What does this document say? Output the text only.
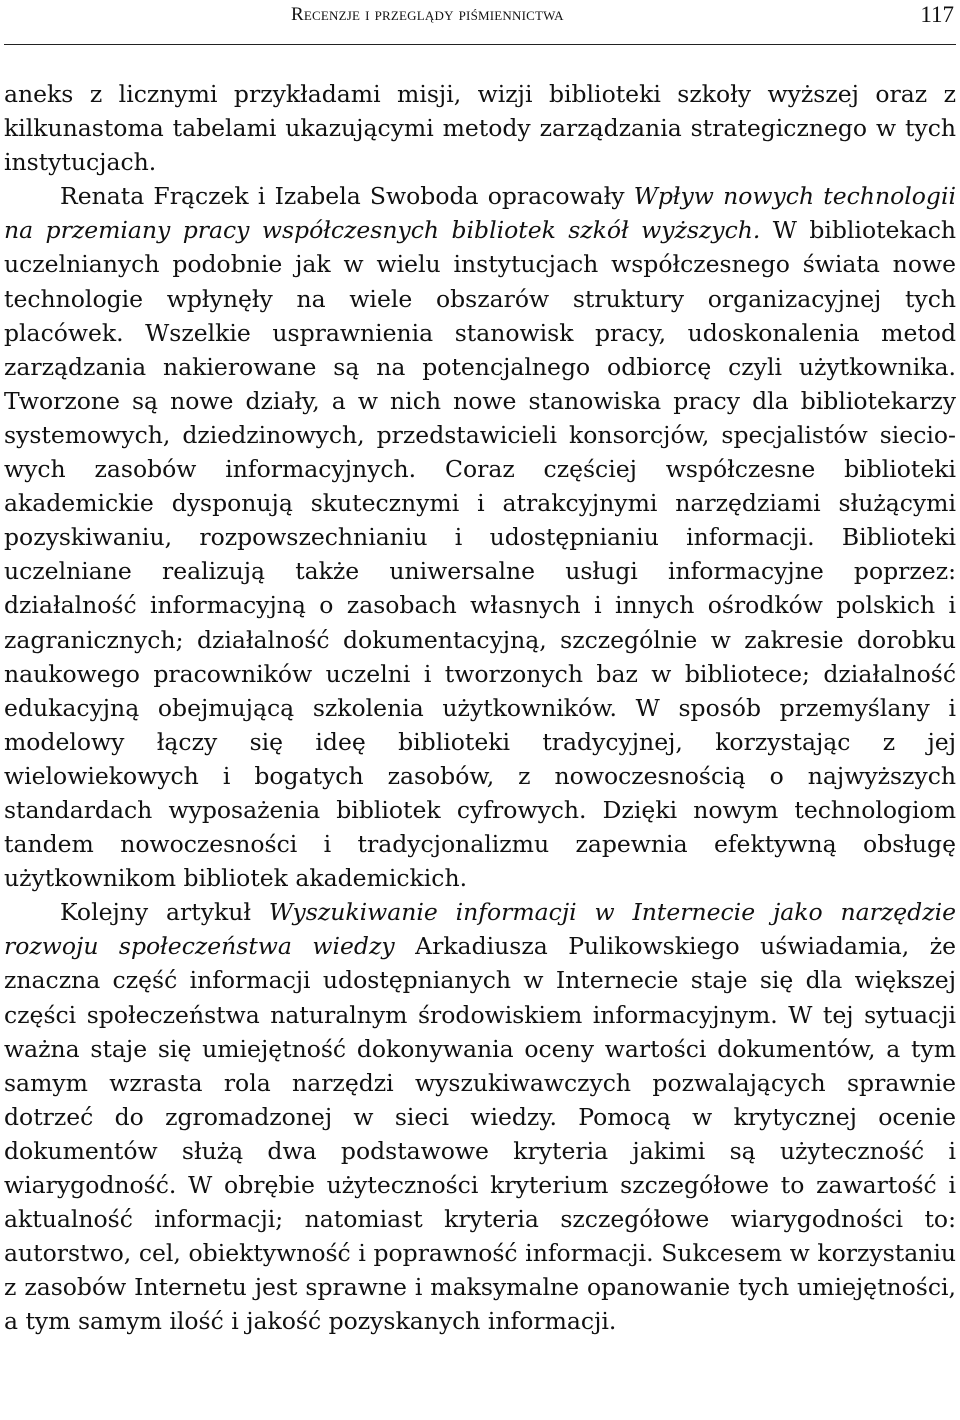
Recenzje i przeglądy piśmiennictwa	117

aneks z licznymi przykładami misji, wizji biblioteki szkoły wyższej oraz z kilkunastoma tabelami ukazującymi metody zarządzania strategicznego w tych instytucjach.

Renata Frączek i Izabela Swoboda opracowały Wpływ nowych technologii na przemiany pracy współczesnych bibliotek szkół wyższych. W bibliotekach uczelnianych podobnie jak w wielu instytucjach współczesnego świata nowe technologie wpłynęły na wiele obszarów struktury organizacyjnej tych placówek. Wszelkie usprawnienia stanowisk pracy, udoskonalenia metod zarządzania nakierowane są na potencjalnego odbiorcę czyli użytkownika. Tworzone są nowe działy, a w nich nowe stanowiska pracy dla bibliotekarzy systemowych, dziedzinowych, przedstawicieli konsorcjów, specjalistów sieciowych zasobów informacyjnych. Coraz częściej współczesne biblioteki akademickie dysponują skutecznymi i atrakcyjnymi narzędziami służącymi pozyskiwaniu, rozpowszechnianiu i udostępnianiu informacji. Biblioteki uczelniane realizują także uniwersalne usługi informacyjne poprzez: działalność informacyjną o zasobach własnych i innych ośrodków polskich i zagranicznych; działalność dokumentacyjną, szczególnie w zakresie dorobku naukowego pracowników uczelni i tworzonych baz w bibliotece; działalność edukacyjną obejmującą szkolenia użytkowników. W sposób przemyślany i modelowy łączy się ideę biblioteki tradycyjnej, korzystając z jej wielowiekowych i bogatych zasobów, z nowoczesnością o najwyższych standardach wyposażenia bibliotek cyfrowych. Dzięki nowym technologiom tandem nowoczesności i tradycjonalizmu zapewnia efektywną obsługę użytkownikom bibliotek akademickich.

Kolejny artykuł Wyszukiwanie informacji w Internecie jako narzędzie rozwoju społeczeństwa wiedzy Arkadiusza Pulikowskiego uświadamia, że znaczna część informacji udostępnianych w Internecie staje się dla większej części społeczeństwa naturalnym środowiskiem informacyjnym. W tej sytuacji ważna staje się umiejętność dokonywania oceny wartości dokumentów, a tym samym wzrasta rola narzędzi wyszukiwawczych pozwalających sprawnie dotrzeć do zgromadzonej w sieci wiedzy. Pomocą w krytycznej ocenie dokumentów służą dwa podstawowe kryteria jakimi są użyteczność i wiarygodność. W obrębie użyteczności kryterium szczegółowe to zawartość i aktualność informacji; natomiast kryteria szczegółowe wiarygodności to: autorstwo, cel, obiektywność i poprawność informacji. Sukcesem w korzystaniu z zasobów Internetu jest sprawne i maksymalne opanowanie tych umiejętności, a tym samym ilość i jakość pozyskanych informacji.
